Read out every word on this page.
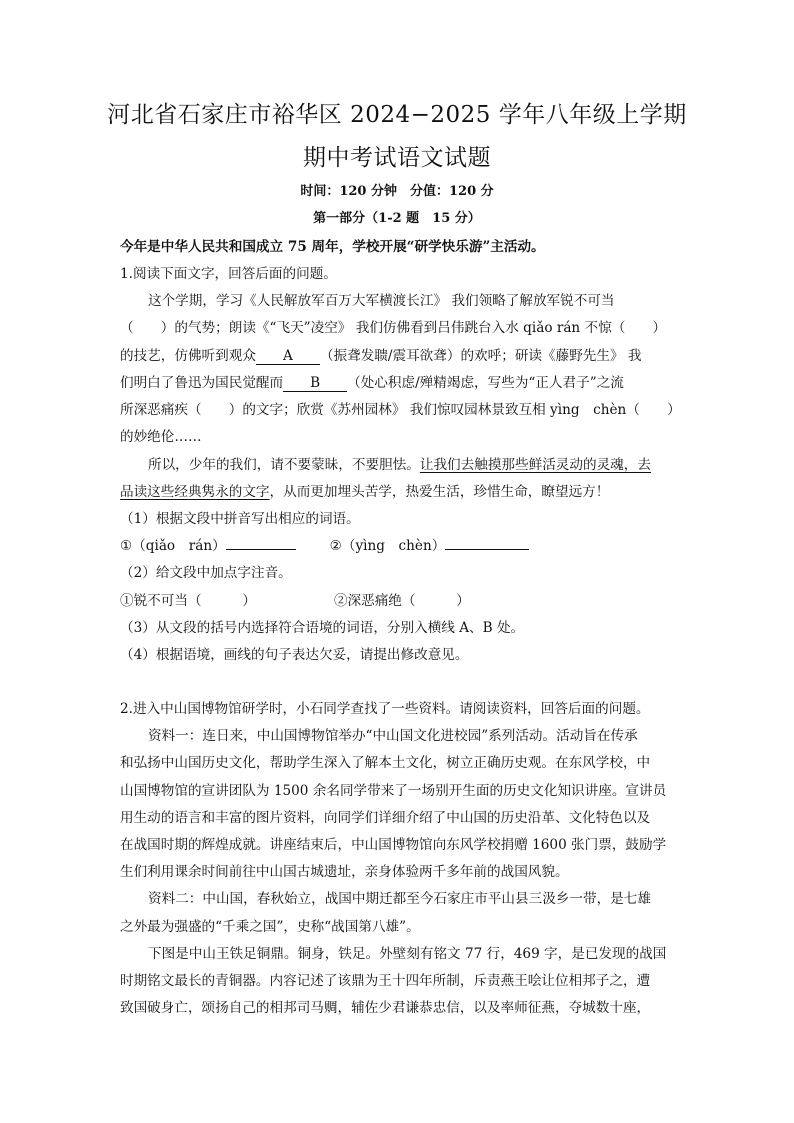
河北省石家庄市裕华区 2024−2025 学年八年级上学期
期中考试语文试题
时间：120 分钟　分值：120 分
第一部分（1-2 题　15 分）
今年是中华人民共和国成立 75 周年，学校开展“研学快乐游”主活动。
1.阅读下面文字，回答后面的问题。
这个学期，学习《人民解放军百万大军横渡长江》 我们领略了解放军锐不可当
（　　）的气势；朗读《“飞天”凌空》 我们仿佛看到吕伟跳台入水 qiǎo rán 不惊（　　）
的技艺，仿佛听到观众 A （振聋发聩/震耳欲聋）的欢呼；研读《藤野先生》 我
们明白了鲁迅为国民觉醒而 B （处心积虑/殚精竭虑，写些为“正人君子”之流
所深恶痛疾（　　）的文字；欣赏《苏州园林》 我们惊叹园林景致互相 yìng　chèn（　　）
的妙绝伦……
所以，少年的我们，请不要蒙昧，不要胆怯。让我们去触摸那些鲜活灵动的灵魂，去
品读这些经典隽永的文字，从而更加埋头苦学，热爱生活，珍惜生命，瞭望远方！
（1）根据文段中拼音写出相应的词语。
①（qiǎo　rán）	②（yìng　chèn）
（2）给文段中加点字注音。
①锐不可当（　　　）	②深恶痛绝（　　　）
（3）从文段的括号内选择符合语境的词语，分别入横线 A、B 处。
（4）根据语境，画线的句子表达欠妥，请提出修改意见。
2.进入中山国博物馆研学时，小石同学查找了一些资料。请阅读资料，回答后面的问题。
资料一：连日来，中山国博物馆举办“中山国文化进校园”系列活动。活动旨在传承
和弘扬中山国历史文化，帮助学生深入了解本土文化，树立正确历史观。在东风学校，中
山国博物馆的宣讲团队为 1500 余名同学带来了一场别开生面的历史文化知识讲座。宣讲员
用生动的语言和丰富的图片资料，向同学们详细介绍了中山国的历史沿革、文化特色以及
在战国时期的辉煌成就。讲座结束后，中山国博物馆向东风学校捐赠 1600 张门票，鼓励学
生们利用课余时间前往中山国古城遗址，亲身体验两千多年前的战国风貌。
资料二：中山国，春秋始立，战国中期迁都至今石家庄市平山县三汲乡一带，是七雄
之外最为强盛的“千乘之国”，史称“战国第八雄”。
下图是中山王铁足铜鼎。铜身，铁足。外壁刻有铭文 77 行，469 字，是已发现的战国
时期铭文最长的青铜器。内容记述了该鼎为王十四年所制，斥责燕王哙让位相邦子之，遭
致国破身亡，颂扬自己的相邦司马赒，辅佐少君谦恭忠信，以及率师征燕，夺城数十座，
